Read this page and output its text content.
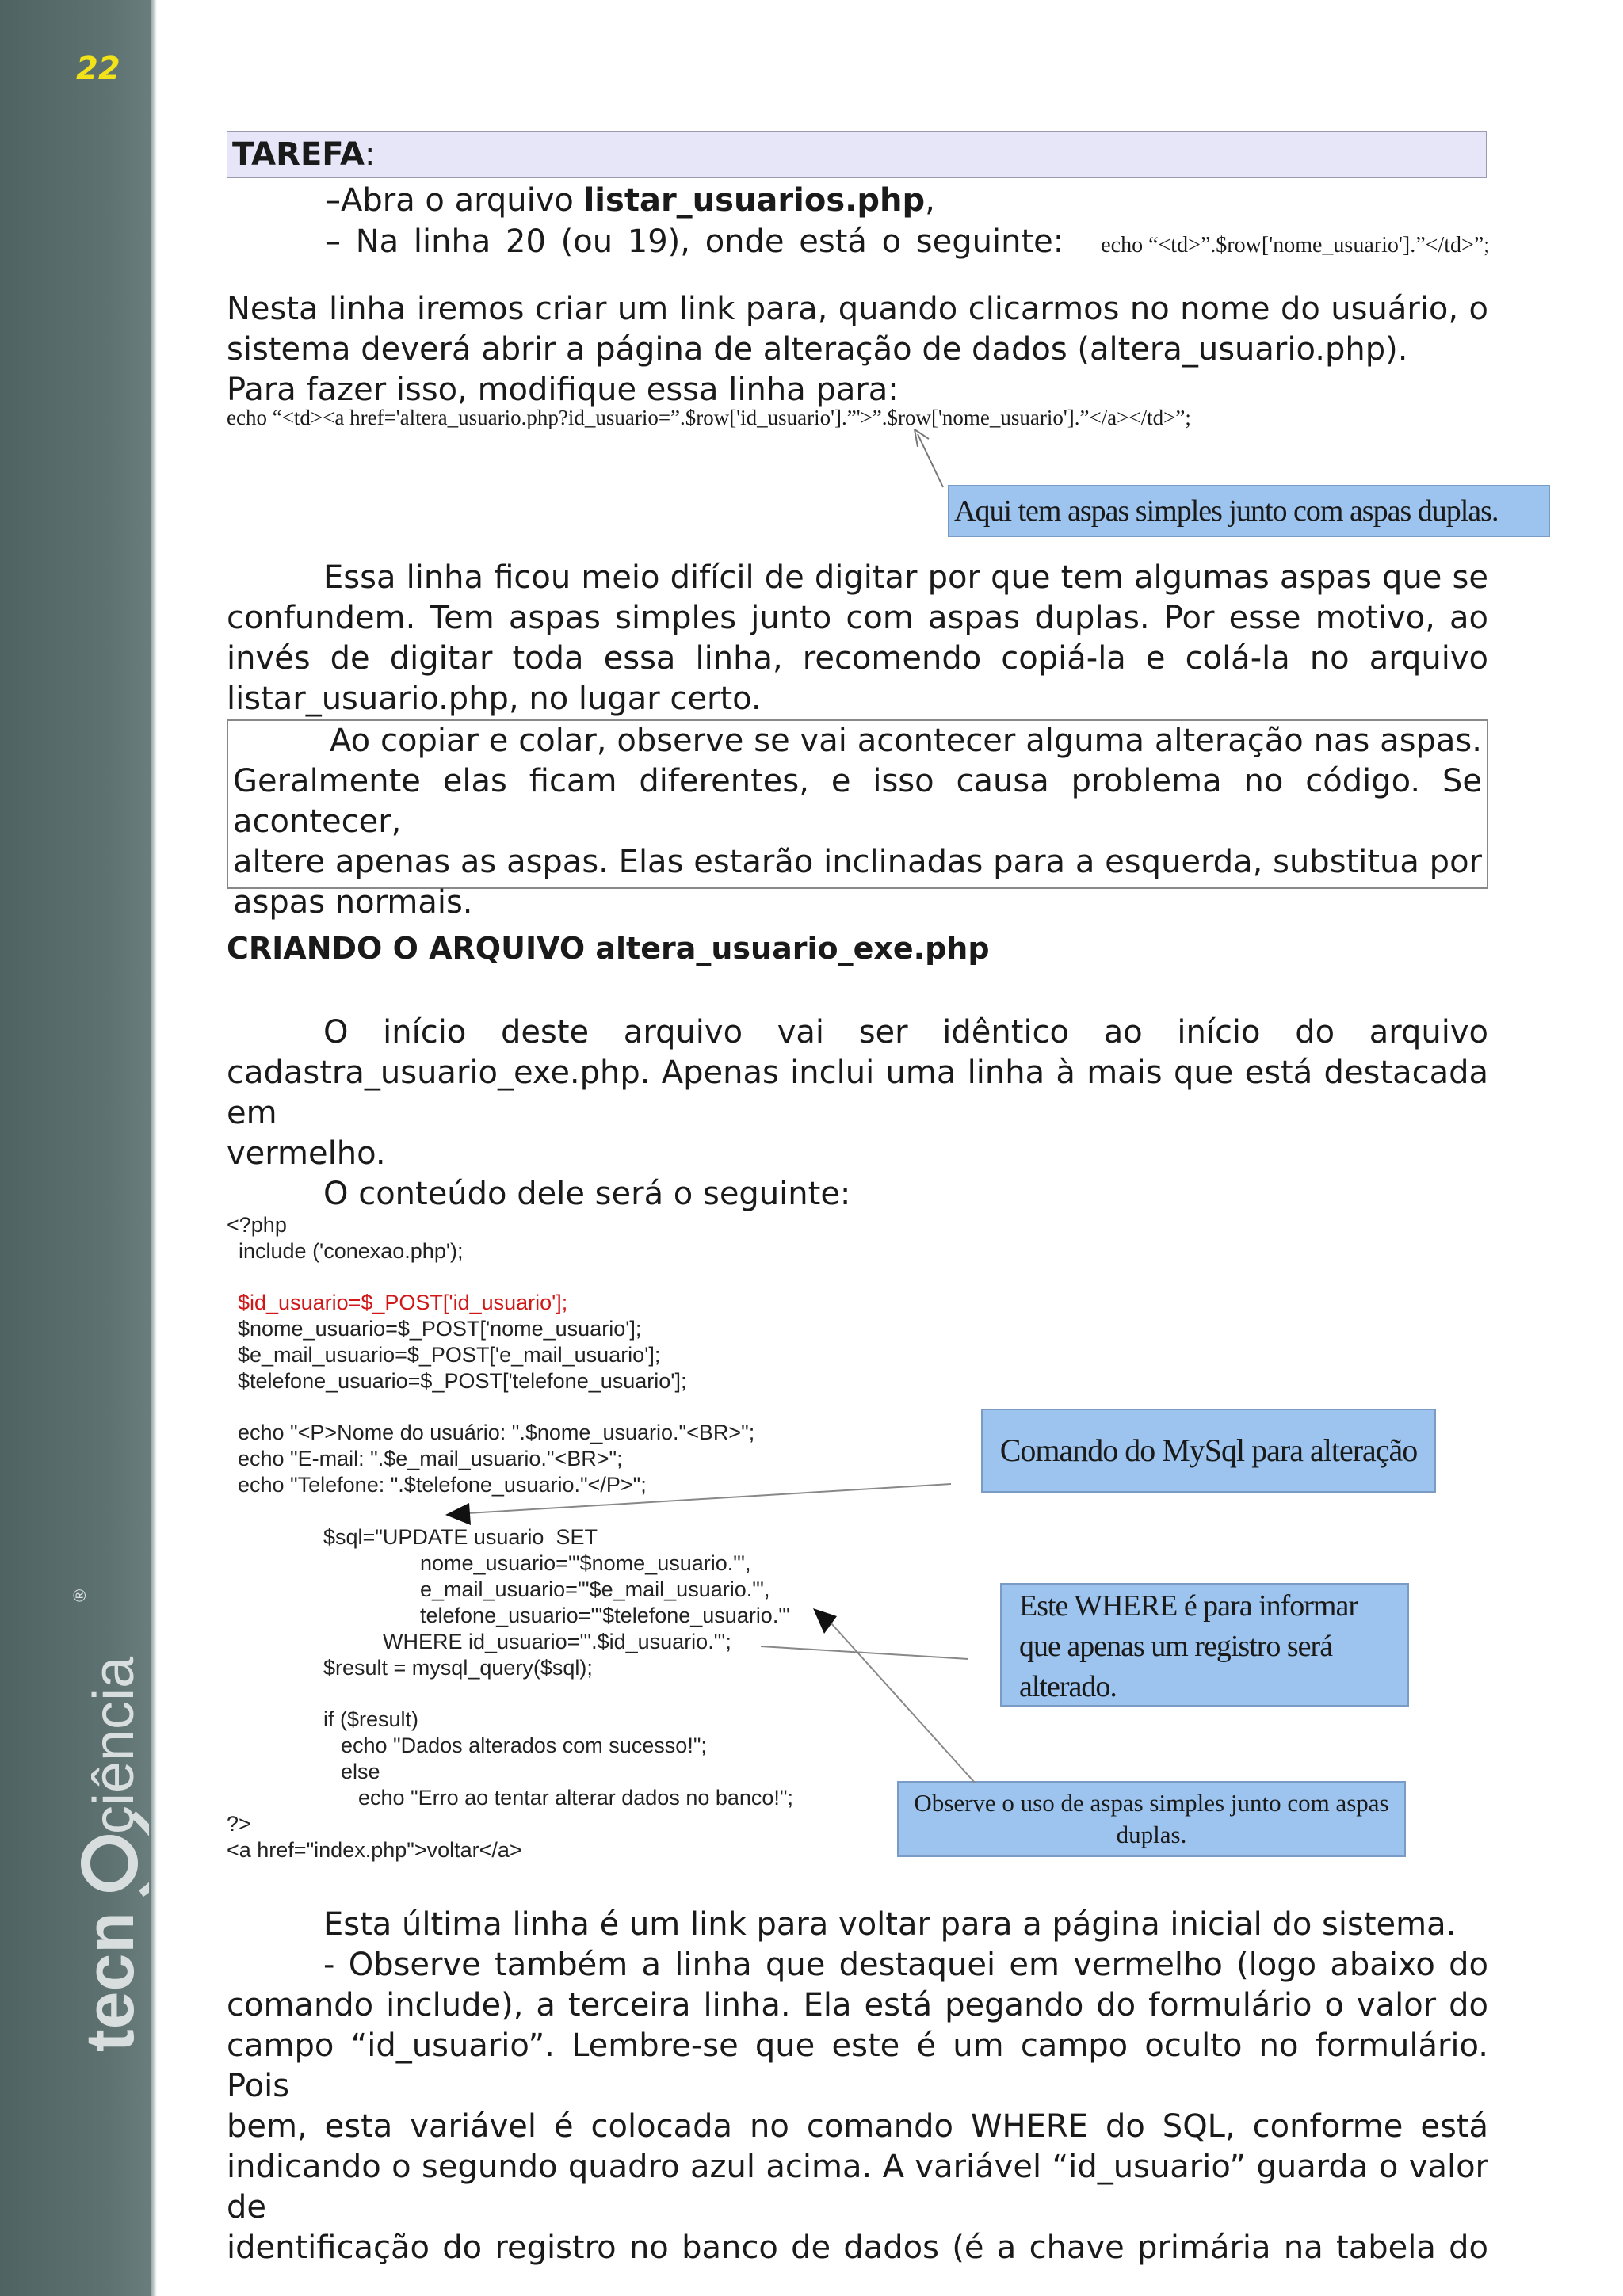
22
tecn
ciência
®
TAREFA:
–Abra o arquivo listar_usuarios.php,
– Na linha 20 (ou 19), onde está o seguinte: echo “<td>”.$row['nome_usuario'].”</td>”;
Nesta linha iremos criar um link para, quando clicarmos no nome do usuário, o
sistema deverá abrir a página de alteração de dados (altera_usuario.php).
Para fazer isso, modifique essa linha para:
echo “<td><a href='altera_usuario.php?id_usuario=”.$row['id_usuario'].”'>”.$row['nome_usuario'].”</a></td>”;
Aqui tem aspas simples junto com aspas duplas.
Essa linha ficou meio difícil de digitar por que tem algumas aspas que se
confundem. Tem aspas simples junto com aspas duplas. Por esse motivo, ao
invés de digitar toda essa linha, recomendo copiá-la e colá-la no arquivo
listar_usuario.php, no lugar certo.
Ao copiar e colar, observe se vai acontecer alguma alteração nas aspas.
Geralmente elas ficam diferentes, e isso causa problema no código. Se acontecer,
altere apenas as aspas. Elas estarão inclinadas para a esquerda, substitua por
aspas normais.
CRIANDO O ARQUIVO altera_usuario_exe.php
O início deste arquivo vai ser idêntico ao início do arquivo
cadastra_usuario_exe.php. Apenas inclui uma linha à mais que está destacada em
vermelho.
O conteúdo dele será o seguinte:
<?php
include ('conexao.php');
$id_usuario=$_POST['id_usuario'];
$nome_usuario=$_POST['nome_usuario'];
$e_mail_usuario=$_POST['e_mail_usuario'];
$telefone_usuario=$_POST['telefone_usuario'];
echo "<P>Nome do usuário: ".$nome_usuario."<BR>";
echo "E-mail: ".$e_mail_usuario."<BR>";
echo "Telefone: ".$telefone_usuario."</P>";
$sql="UPDATE usuario  SET
nome_usuario='"$nome_usuario."',
e_mail_usuario='"$e_mail_usuario."',
telefone_usuario='"$telefone_usuario."'
WHERE id_usuario='".$id_usuario."';
$result = mysql_query($sql);
if ($result)
echo "Dados alterados com sucesso!";
else
echo "Erro ao tentar alterar dados no banco!";
?>
<a href="index.php">voltar</a>
Comando do MySql para alteração
Este WHERE é para informar que apenas um registro será alterado.
Observe o uso de aspas simples junto com aspas duplas.
Esta última linha é um link para voltar para a página inicial do sistema.
- Observe também a linha que destaquei em vermelho (logo abaixo do
comando include), a terceira linha. Ela está pegando do formulário o valor do
campo “id_usuario”. Lembre-se que este é um campo oculto no formulário. Pois
bem, esta variável é colocada no comando WHERE do SQL, conforme está
indicando o segundo quadro azul acima. A variável “id_usuario” guarda o valor de
identificação do registro no banco de dados (é a chave primária na tabela do
